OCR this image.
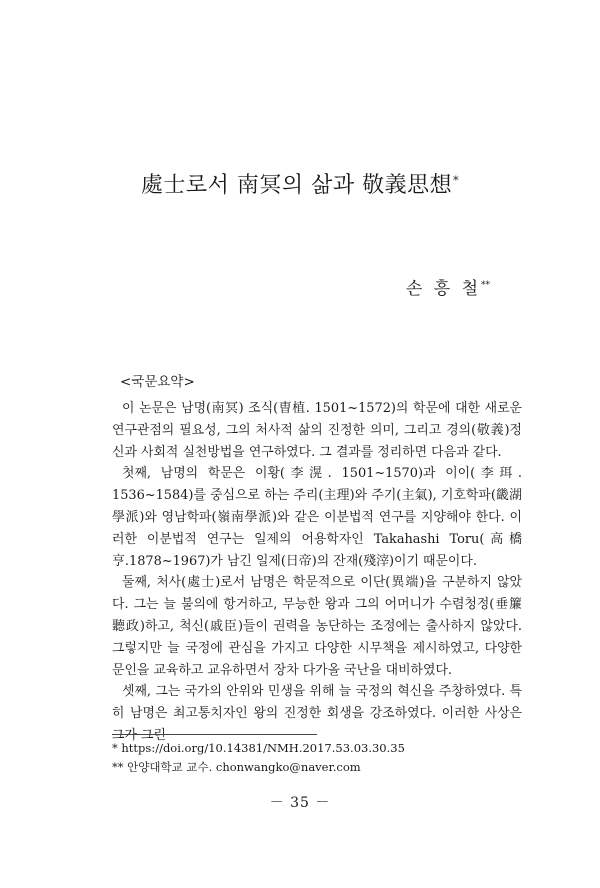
處士로서 南冥의 삶과 敬義思想*
손 흥 철**
<국문요약>

이 논문은 남명(南冥) 조식(曺植. 1501~1572)의 학문에 대한 새로운 연구관점의 필요성, 그의 처사적 삶의 진정한 의미, 그리고 경의(敬義)정신과 사회적 실천방법을 연구하였다. 그 결과를 정리하면 다음과 같다.

첫째, 남명의 학문은 이황(李滉. 1501~1570)과 이이(李珥. 1536~1584)를 중심으로 하는 주리(主理)와 주기(主氣), 기호학파(畿湖學派)와 영남학파(嶺南學派)와 같은 이분법적 연구를 지양해야 한다. 이러한 이분법적 연구는 일제의 어용학자인 Takahashi Toru(高橋亨.1878~1967)가 남긴 일제(日帝)의 잔재(殘滓)이기 때문이다.

둘째, 처사(處士)로서 남명은 학문적으로 이단(異端)을 구분하지 않았다. 그는 늘 불의에 항거하고, 무능한 왕과 그의 어머니가 수렴청정(垂簾聽政)하고, 척신(戚臣)들이 권력을 농단하는 조정에는 출사하지 않았다. 그렇지만 늘 국정에 관심을 가지고 다양한 시무책을 제시하였고, 다양한 문인을 교육하고 교유하면서 장차 다가올 국난을 대비하였다.

셋째, 그는 국가의 안위와 민생을 위해 늘 국정의 혁신을 주창하였다. 특히 남명은 최고통치자인 왕의 진정한 회생을 강조하였다. 이러한 사상은 그가 그린

* https://doi.org/10.14381/NMH.2017.53.03.30.35
** 안양대학교 교수. chonwangko@naver.com
－ 35 －
